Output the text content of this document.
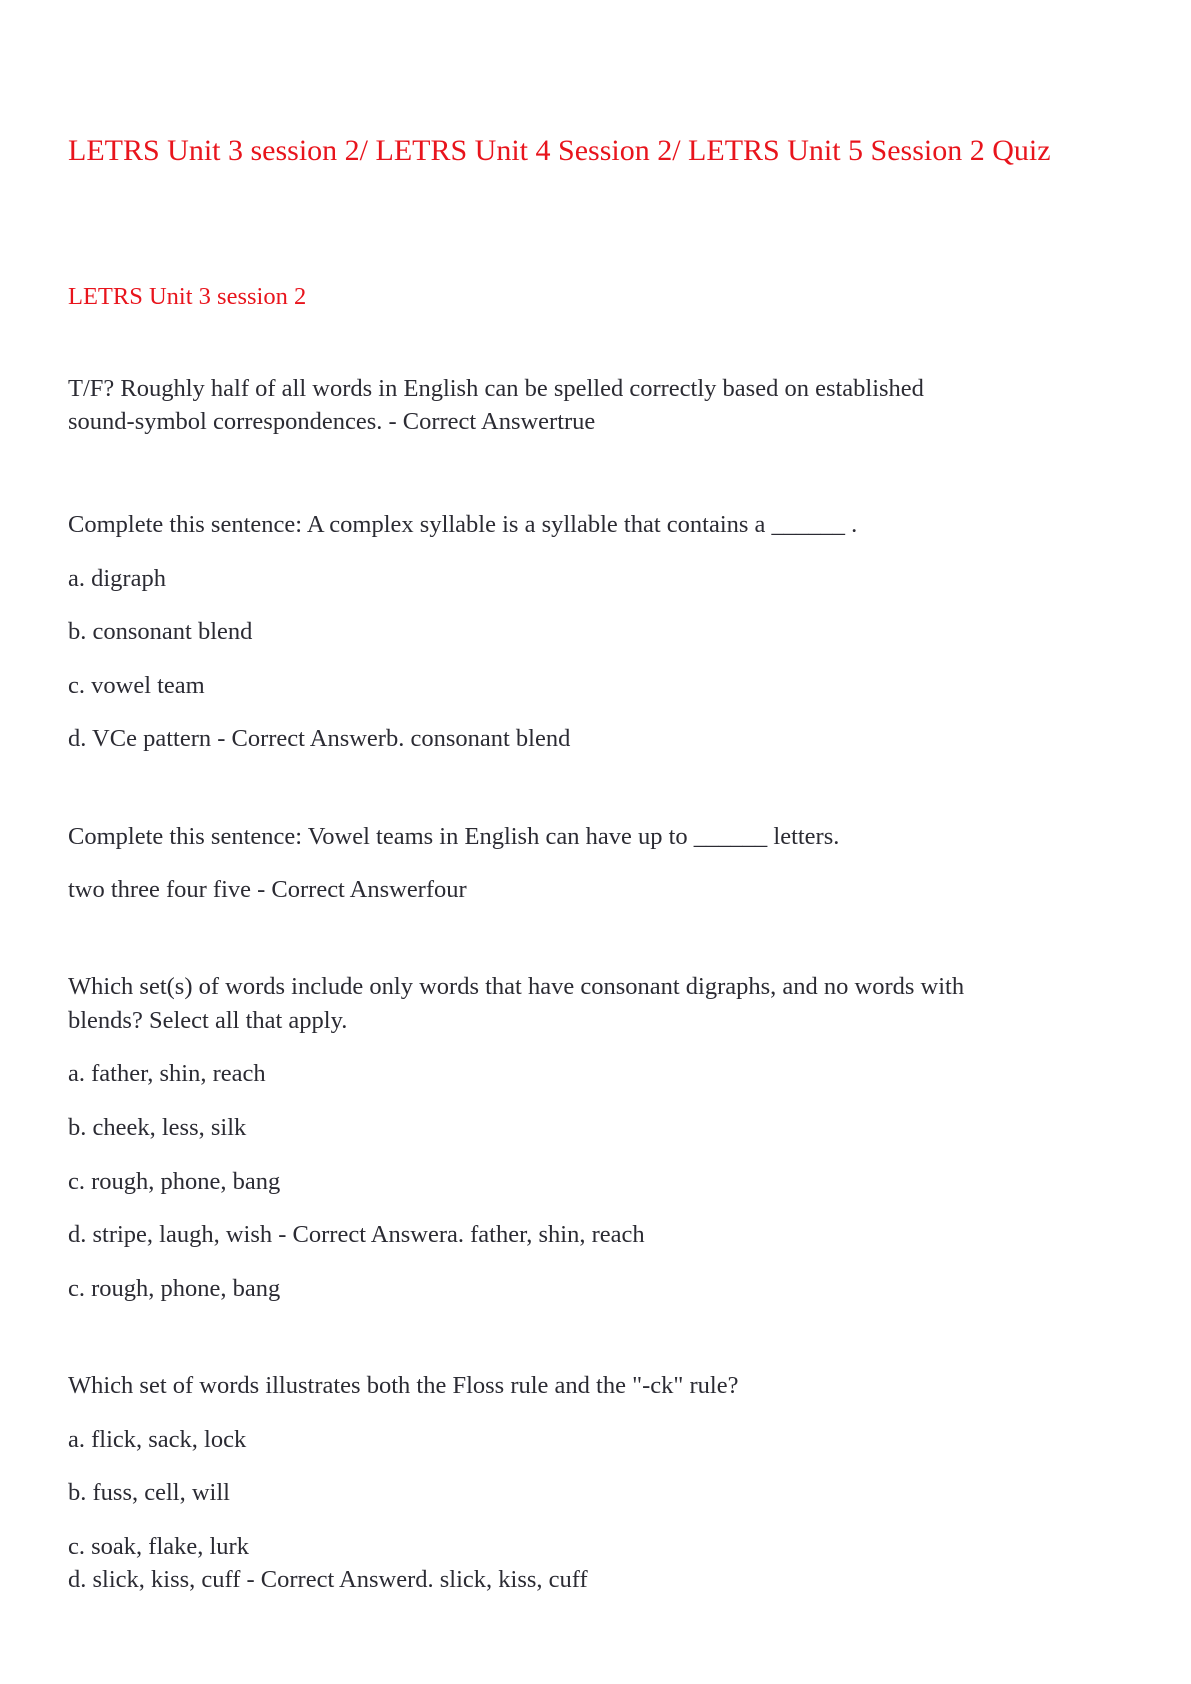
LETRS Unit 3 session 2/ LETRS Unit 4 Session 2/ LETRS Unit 5 Session 2 Quiz

LETRS Unit 3 session 2

T/F? Roughly half of all words in English can be spelled correctly based on established

sound-symbol correspondences. - Correct Answertrue

Complete this sentence: A complex syllable is a syllable that contains a ______ .

a. digraph

b. consonant blend

c. vowel team

d. VCe pattern - Correct Answerb. consonant blend

Complete this sentence: Vowel teams in English can have up to ______ letters.

two three four five - Correct Answerfour

Which set(s) of words include only words that have consonant digraphs, and no words with

blends? Select all that apply.

a. father, shin, reach

b. cheek, less, silk

c. rough, phone, bang

d. stripe, laugh, wish - Correct Answera. father, shin, reach

c. rough, phone, bang

Which set of words illustrates both the Floss rule and the "-ck" rule?

a. flick, sack, lock

b. fuss, cell, will

c. soak, flake, lurk

d. slick, kiss, cuff - Correct Answerd. slick, kiss, cuff
